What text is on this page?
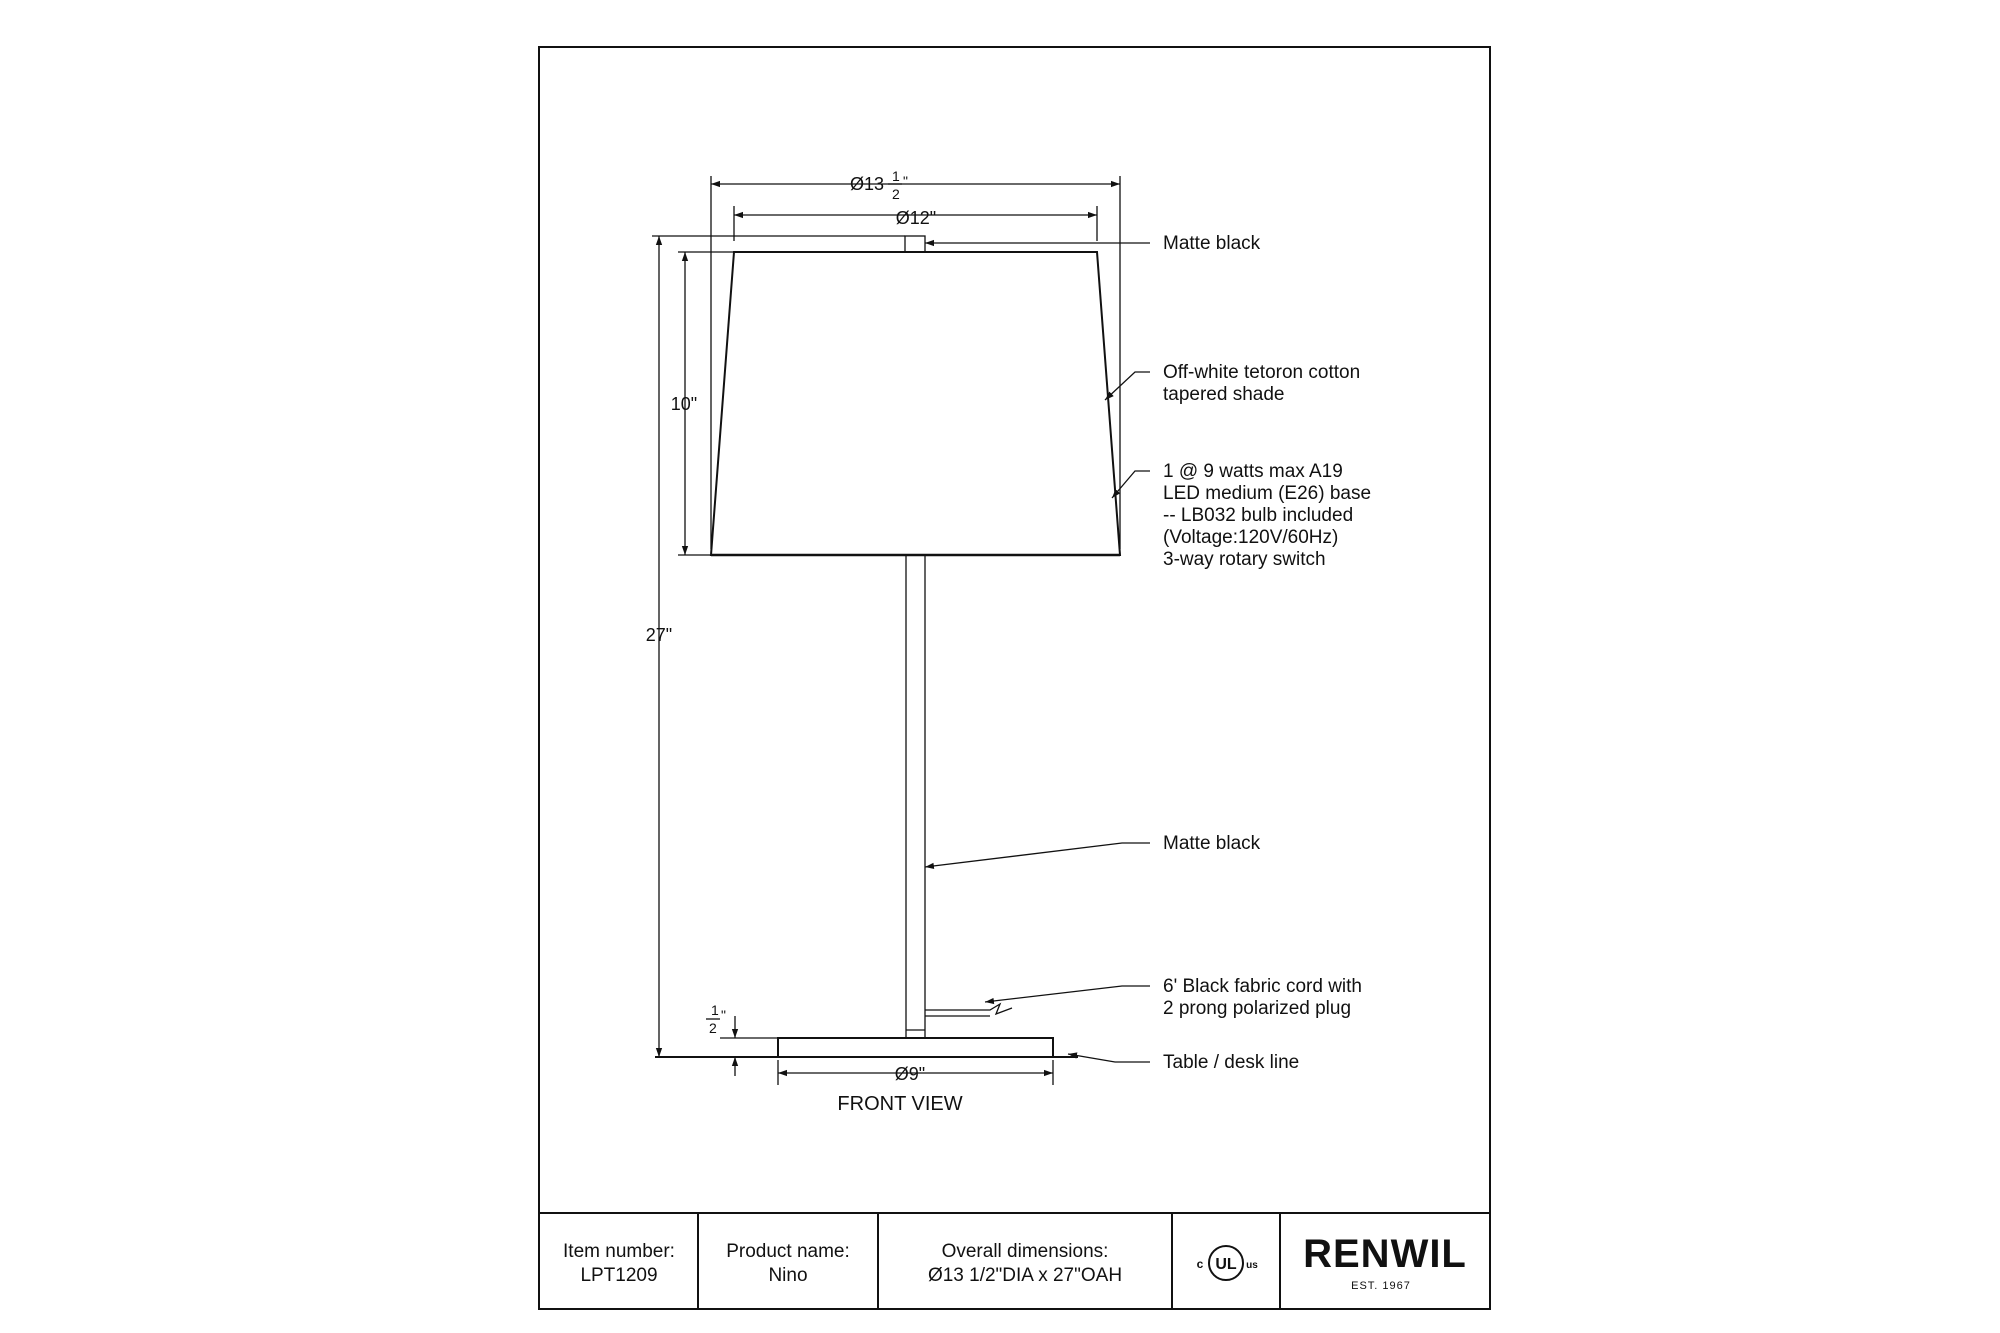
Ø13 1
2
"
Ø12"
10"
27"
1
2
"
Ø9"
FRONT VIEW
Matte black
Off-white tetoron cotton
tapered shade
1 @ 9 watts max A19
LED medium (E26) base
-- LB032 bulb included
(Voltage:120V/60Hz)
3-way rotary switch
Matte black
6' Black fabric cord with
2 prong polarized plug
Table / desk line
Item number:
LPT1209
Product name:
Nino
Overall dimensions:
Ø13 1/2"DIA x 27"OAH
UL
c	us RENWIL
EST. 1967
